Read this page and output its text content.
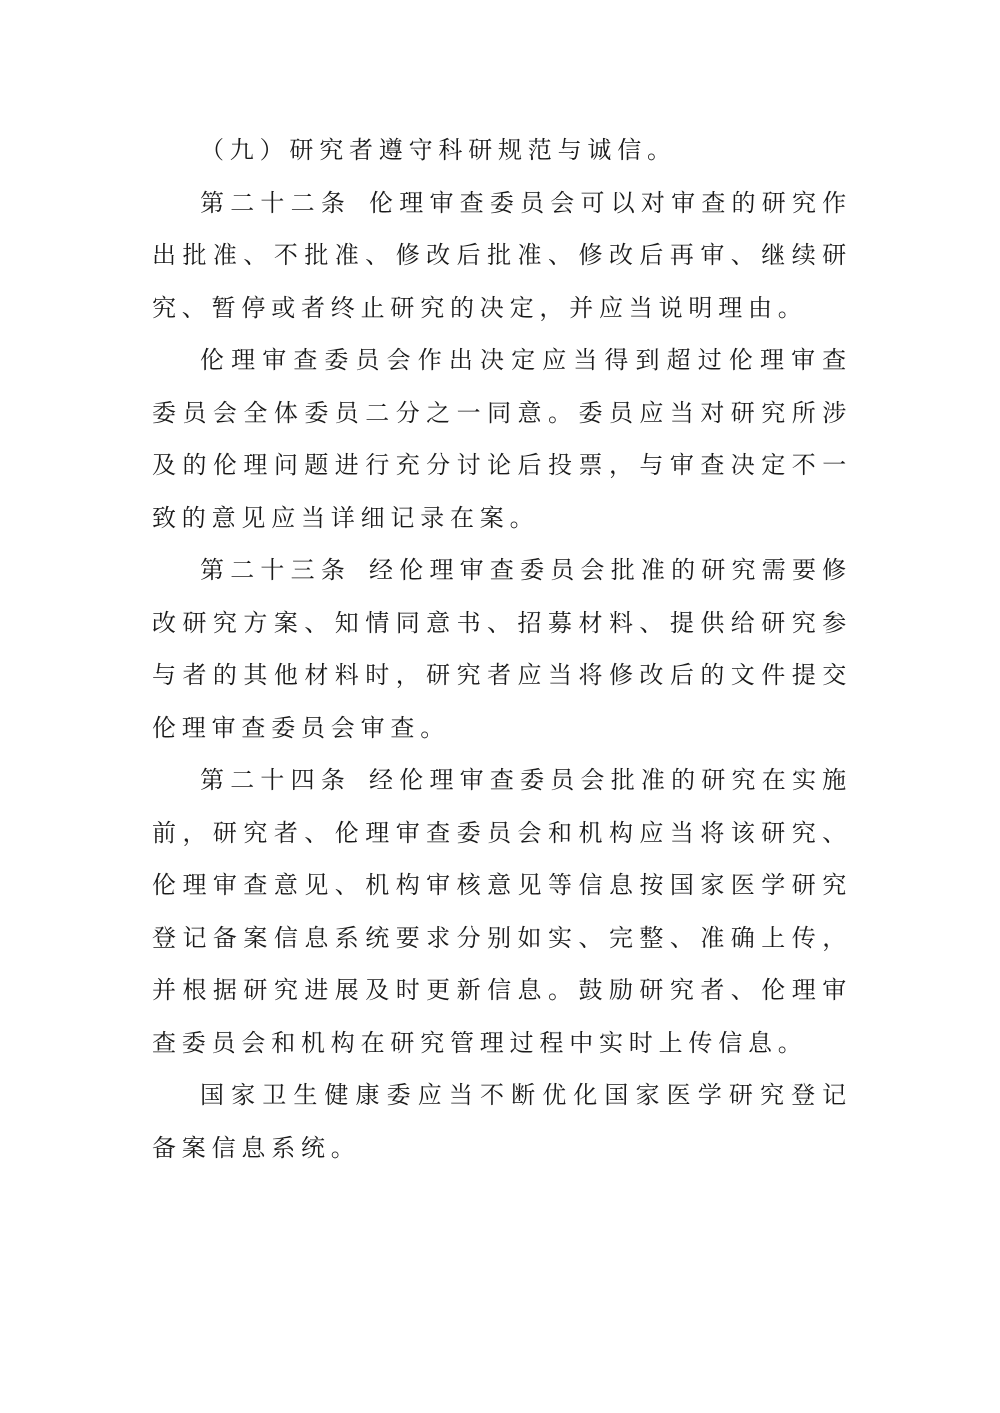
（九）研究者遵守科研规范与诚信。

第二十二条 伦理审查委员会可以对审查的研究作出批准、不批准、修改后批准、修改后再审、继续研究、暂停或者终止研究的决定，并应当说明理由。

伦理审查委员会作出决定应当得到超过伦理审查委员会全体委员二分之一同意。委员应当对研究所涉及的伦理问题进行充分讨论后投票，与审查决定不一致的意见应当详细记录在案。

第二十三条 经伦理审查委员会批准的研究需要修改研究方案、知情同意书、招募材料、提供给研究参与者的其他材料时，研究者应当将修改后的文件提交伦理审查委员会审查。

第二十四条 经伦理审查委员会批准的研究在实施前，研究者、伦理审查委员会和机构应当将该研究、伦理审查意见、机构审核意见等信息按国家医学研究登记备案信息系统要求分别如实、完整、准确上传，并根据研究进展及时更新信息。鼓励研究者、伦理审查委员会和机构在研究管理过程中实时上传信息。

国家卫生健康委应当不断优化国家医学研究登记备案信息系统。
